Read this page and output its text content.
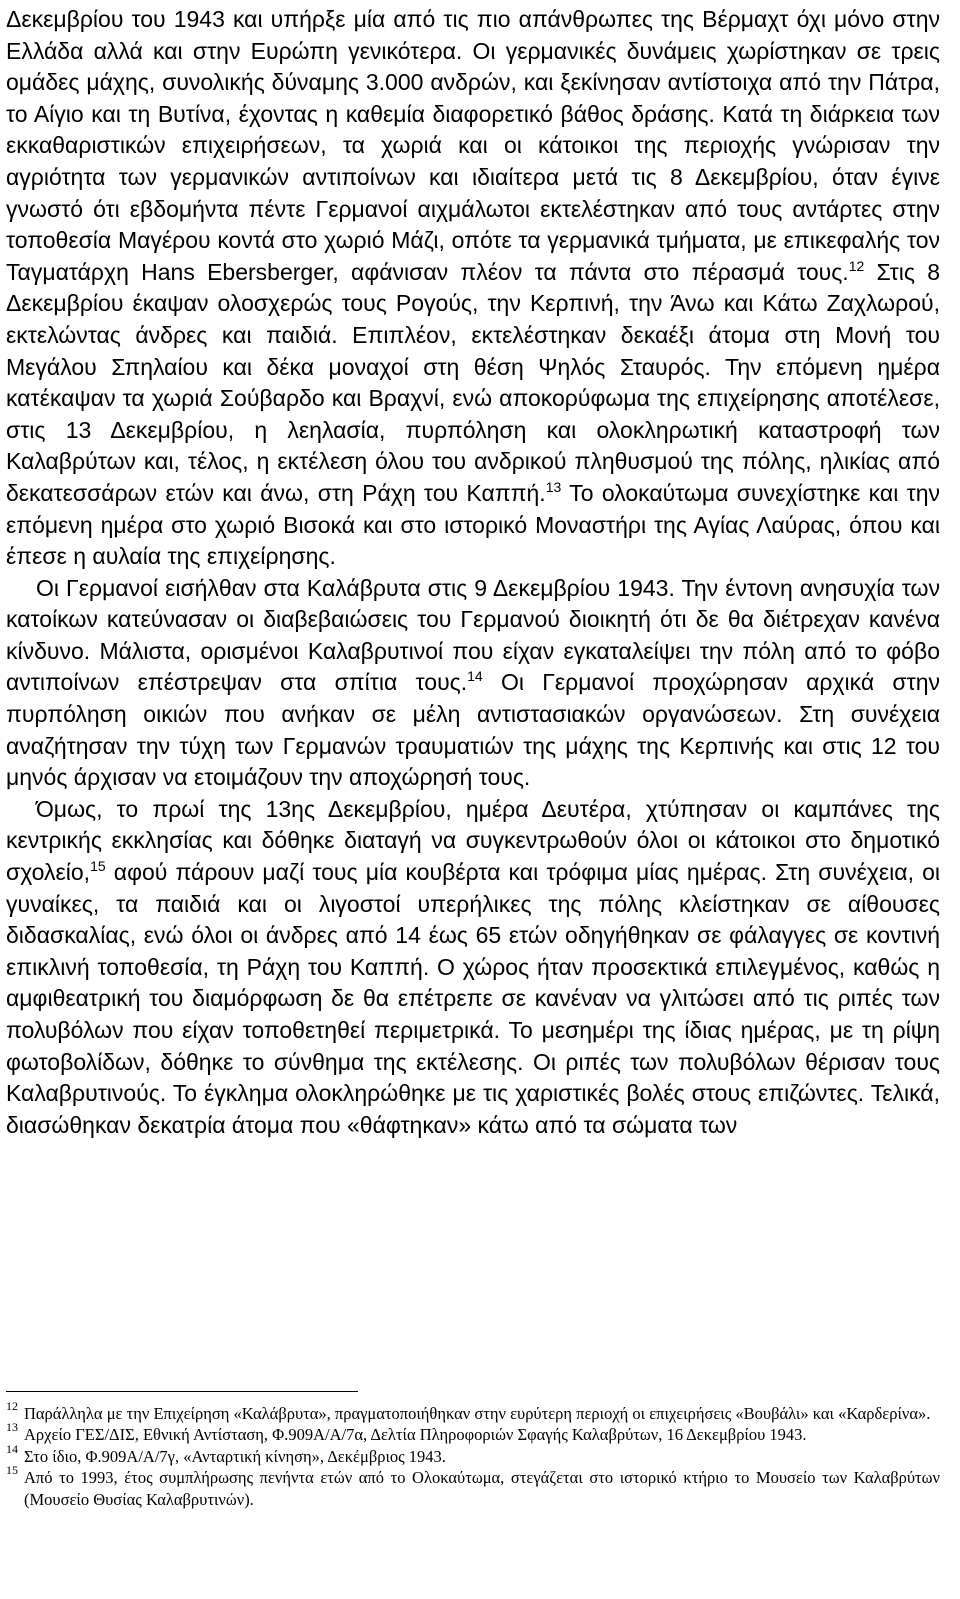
Δεκεμβρίου του 1943 και υπήρξε μία από τις πιο απάνθρωπες της Βέρμαχτ όχι μόνο στην Ελλάδα αλλά και στην Ευρώπη γενικότερα. Οι γερμανικές δυνάμεις χωρίστηκαν σε τρεις ομάδες μάχης, συνολικής δύναμης 3.000 ανδρών, και ξεκίνησαν αντίστοιχα από την Πάτρα, το Αίγιο και τη Βυτίνα, έχοντας η καθεμία διαφορετικό βάθος δράσης. Κατά τη διάρκεια των εκκαθαριστικών επιχειρήσεων, τα χωριά και οι κάτοικοι της περιοχής γνώρισαν την αγριότητα των γερμανικών αντιποίνων και ιδιαίτερα μετά τις 8 Δεκεμβρίου, όταν έγινε γνωστό ότι εβδομήντα πέντε Γερμανοί αιχμάλωτοι εκτελέστηκαν από τους αντάρτες στην τοποθεσία Μαγέρου κοντά στο χωριό Μάζι, οπότε τα γερμανικά τμήματα, με επικεφαλής τον Ταγματάρχη Hans Ebersberger, αφάνισαν πλέον τα πάντα στο πέρασμά τους.$^{12}$ Στις 8 Δεκεμβρίου έκαψαν ολοσχερώς τους Ρογούς, την Κερπινή, την Άνω και Κάτω Ζαχλωρού, εκτελώντας άνδρες και παιδιά. Επιπλέον, εκτελέστηκαν δεκαέξι άτομα στη Μονή του Μεγάλου Σπηλαίου και δέκα μοναχοί στη θέση Ψηλός Σταυρός. Την επόμενη ημέρα κατέκαψαν τα χωριά Σούβαρδο και Βραχνί, ενώ αποκορύφωμα της επιχείρησης αποτέλεσε, στις 13 Δεκεμβρίου, η λεηλασία, πυρπόληση και ολοκληρωτική καταστροφή των Καλαβρύτων και, τέλος, η εκτέλεση όλου του ανδρικού πληθυσμού της πόλης, ηλικίας από δεκατεσσάρων ετών και άνω, στη Ράχη του Καππή.$^{13}$ Το ολοκαύτωμα συνεχίστηκε και την επόμενη ημέρα στο χωριό Βισοκά και στο ιστορικό Μοναστήρι της Αγίας Λαύρας, όπου και έπεσε η αυλαία της επιχείρησης.

Οι Γερμανοί εισήλθαν στα Καλάβρυτα στις 9 Δεκεμβρίου 1943. Την έντονη ανησυχία των κατοίκων κατεύνασαν οι διαβεβαιώσεις του Γερμανού διοικητή ότι δε θα διέτρεχαν κανένα κίνδυνο. Μάλιστα, ορισμένοι Καλαβρυτινοί που είχαν εγκαταλείψει την πόλη από το φόβο αντιποίνων επέστρεψαν στα σπίτια τους.$^{14}$ Οι Γερμανοί προχώρησαν αρχικά στην πυρπόληση οικιών που ανήκαν σε μέλη αντιστασιακών οργανώσεων. Στη συνέχεια αναζήτησαν την τύχη των Γερμανών τραυματιών της μάχης της Κερπινής και στις 12 του μηνός άρχισαν να ετοιμάζουν την αποχώρησή τους.

Όμως, το πρωί της 13ης Δεκεμβρίου, ημέρα Δευτέρα, χτύπησαν οι καμπάνες της κεντρικής εκκλησίας και δόθηκε διαταγή να συγκεντρωθούν όλοι οι κάτοικοι στο δημοτικό σχολείο,$^{15}$ αφού πάρουν μαζί τους μία κουβέρτα και τρόφιμα μίας ημέρας. Στη συνέχεια, οι γυναίκες, τα παιδιά και οι λιγοστοί υπερήλικες της πόλης κλείστηκαν σε αίθουσες διδασκαλίας, ενώ όλοι οι άνδρες από 14 έως 65 ετών οδηγήθηκαν σε φάλαγγες σε κοντινή επικλινή τοποθεσία, τη Ράχη του Καππή. Ο χώρος ήταν προσεκτικά επιλεγμένος, καθώς η αμφιθεατρική του διαμόρφωση δε θα επέτρεπε σε κανέναν να γλιτώσει από τις ριπές των πολυβόλων που είχαν τοποθετηθεί περιμετρικά. Το μεσημέρι της ίδιας ημέρας, με τη ρίψη φωτοβολίδων, δόθηκε το σύνθημα της εκτέλεσης. Οι ριπές των πολυβόλων θέρισαν τους Καλαβρυτινούς. Το έγκλημα ολοκληρώθηκε με τις χαριστικές βολές στους επιζώντες. Τελικά, διασώθηκαν δεκατρία άτομα που «θάφτηκαν» κάτω από τα σώματα των

12 Παράλληλα με την Επιχείρηση «Καλάβρυτα», πραγματοποιήθηκαν στην ευρύτερη περιοχή οι επιχειρήσεις «Βουβάλι» και «Καρδερίνα».

13 Αρχείο ΓΕΣ/ΔΙΣ, Εθνική Αντίσταση, Φ.909Α/Α/7α, Δελτία Πληροφοριών Σφαγής Καλαβρύτων, 16 Δεκεμβρίου 1943.

14 Στο ίδιο, Φ.909Α/Α/7γ, «Ανταρτική κίνηση», Δεκέμβριος 1943.

15 Από το 1993, έτος συμπλήρωσης πενήντα ετών από το Ολοκαύτωμα, στεγάζεται στο ιστορικό κτήριο το Μουσείο των Καλαβρύτων (Μουσείο Θυσίας Καλαβρυτινών).
